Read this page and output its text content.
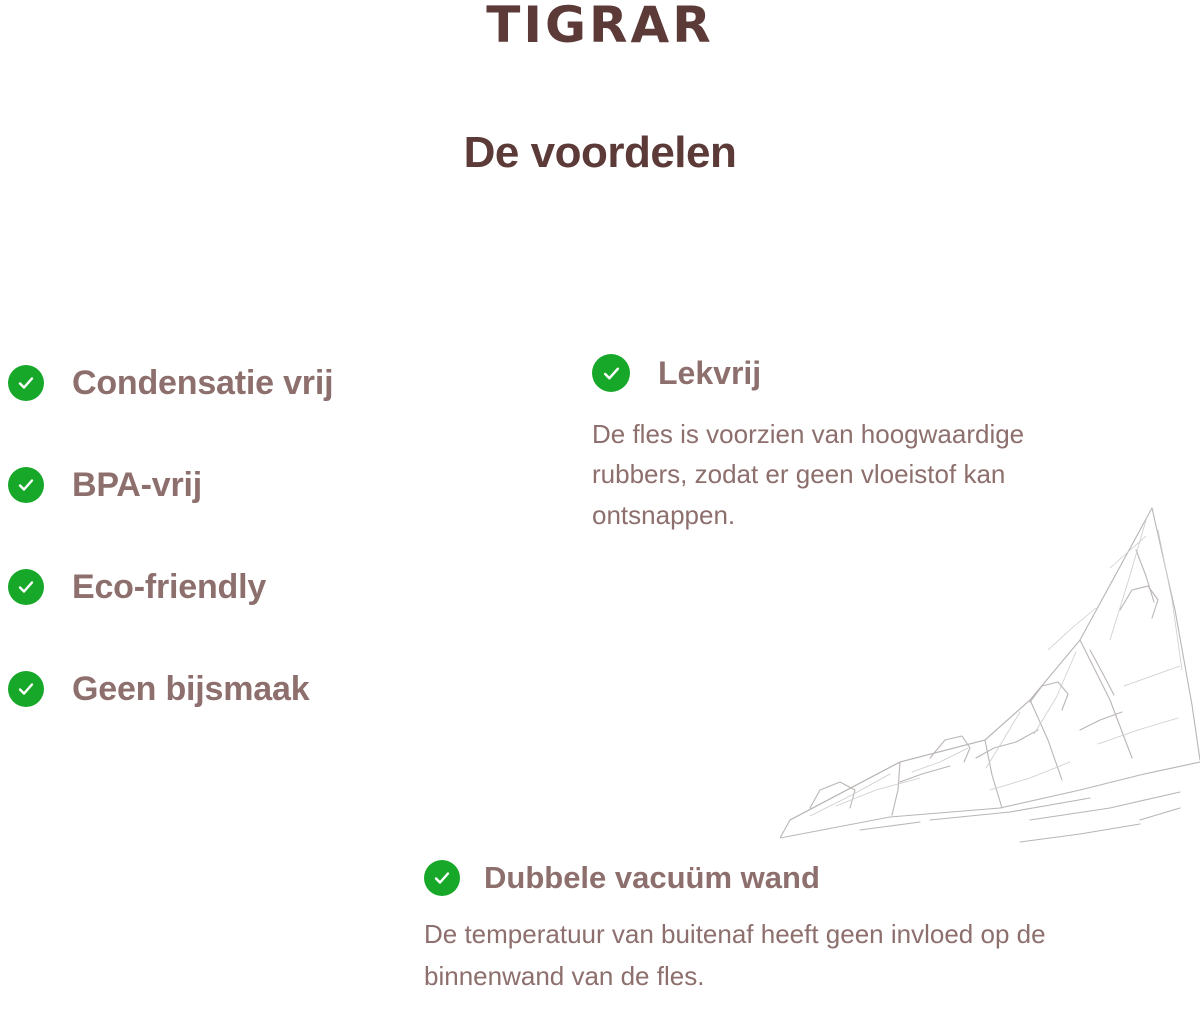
TIGRAR
De voordelen
Condensatie vrij
BPA-vrij
Eco-friendly
Geen bijsmaak
Lekvrij
De fles is voorzien van hoogwaardige rubbers, zodat er geen vloeistof kan ontsnappen.
Dubbele vacuüm wand
De temperatuur van buitenaf heeft geen invloed op de binnenwand van de fles.
